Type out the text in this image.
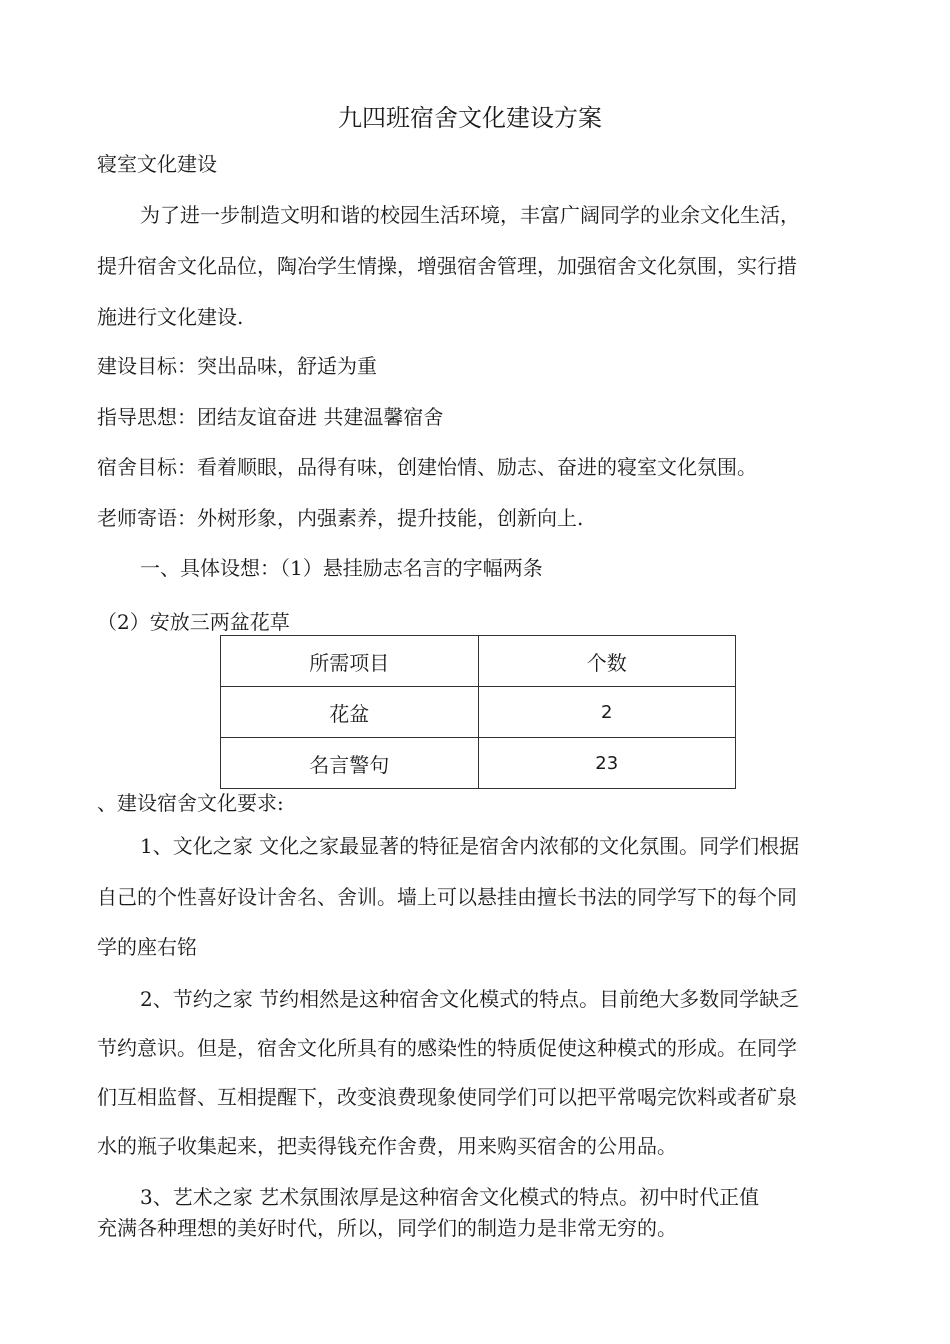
九四班宿舍文化建设方案
寝室文化建设
为了进一步制造文明和谐的校园生活环境，丰富广阔同学的业余文化生活，
提升宿舍文化品位，陶冶学生情操，增强宿舍管理，加强宿舍文化氛围，实行措
施进行文化建设.
建设目标：突出品味，舒适为重
指导思想：团结友谊奋进 共建温馨宿舍
宿舍目标：看着顺眼，品得有味，创建怡情、励志、奋进的寝室文化氛围。
老师寄语：外树形象，内强素养，提升技能，创新向上.
一、具体设想：（1）悬挂励志名言的字幅两条
（2）安放三两盆花草
所需项目	个数
花盆	2
名言警句	23
、建设宿舍文化要求:
1、文化之家 文化之家最显著的特征是宿舍内浓郁的文化氛围。同学们根据
自己的个性喜好设计舍名、舍训。墙上可以悬挂由擅长书法的同学写下的每个同
学的座右铭
2、节约之家 节约相然是这种宿舍文化模式的特点。目前绝大多数同学缺乏
节约意识。但是，宿舍文化所具有的感染性的特质促使这种模式的形成。在同学
们互相监督、互相提醒下，改变浪费现象使同学们可以把平常喝完饮料或者矿泉
水的瓶子收集起来，把卖得钱充作舍费，用来购买宿舍的公用品。
3、艺术之家 艺术氛围浓厚是这种宿舍文化模式的特点。初中时代正值
充满各种理想的美好时代，所以，同学们的制造力是非常无穷的。
